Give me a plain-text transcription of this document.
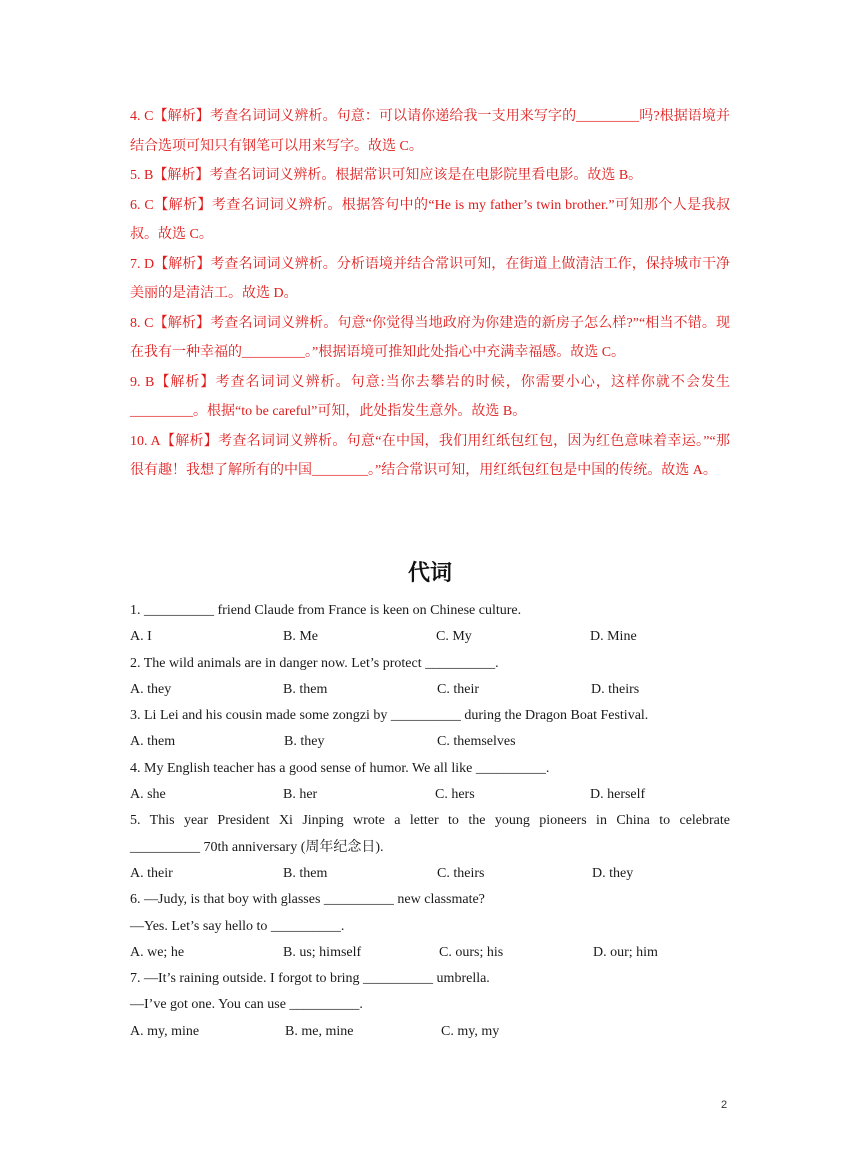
4. C【解析】考查名词词义辨析。句意：可以请你递给我一支用来写字的_________吗?根据语境并结合选项可知只有钢笔可以用来写字。故选 C。

5. B【解析】考查名词词义辨析。根据常识可知应该是在电影院里看电影。故选 B。

6. C【解析】考查名词词义辨析。根据答句中的“He is my father’s twin brother.”可知那个人是我叔叔。故选 C。

7. D【解析】考查名词词义辨析。分析语境并结合常识可知，在街道上做清洁工作，保持城市干净美丽的是清洁工。故选 D。

8. C【解析】考查名词词义辨析。句意“你觉得当地政府为你建造的新房子怎么样?”“相当不错。现在我有一种幸福的_________。”根据语境可推知此处指心中充满幸福感。故选 C。

9. B【解析】考查名词词义辨析。句意:当你去攀岩的时候，你需要小心，这样你就不会发生_________。根据“to be careful”可知，此处指发生意外。故选 B。

10. A【解析】考查名词词义辨析。句意“在中国，我们用红纸包红包，因为红色意味着幸运。”“那很有趣！我想了解所有的中国________。”结合常识可知，用红纸包红包是中国的传统。故选 A。

代词

1. __________ friend Claude from France is keen on Chinese culture.

A. I	B. Me	C. My	D. Mine

2. The wild animals are in danger now. Let’s protect __________.

A. they	B. them	C. their	D. theirs

3. Li Lei and his cousin made some zongzi by __________ during the Dragon Boat Festival.

A. them	B. they	C. themselves

4. My English teacher has a good sense of humor. We all like __________.

A. she	B. her	C. hers	D. herself

5. This year President Xi Jinping wrote a letter to the young pioneers in China to celebrate

__________ 70th anniversary (周年纪念日).

A. their	B. them	C. theirs	D. they

6. —Judy, is that boy with glasses __________ new classmate?

—Yes. Let’s say hello to __________.

A. we; he	B. us; himself	C. ours; his	D. our; him

7. —It’s raining outside. I forgot to bring __________ umbrella.

—I’ve got one. You can use __________.

A. my, mine	B. me, mine	C. my, my
2
